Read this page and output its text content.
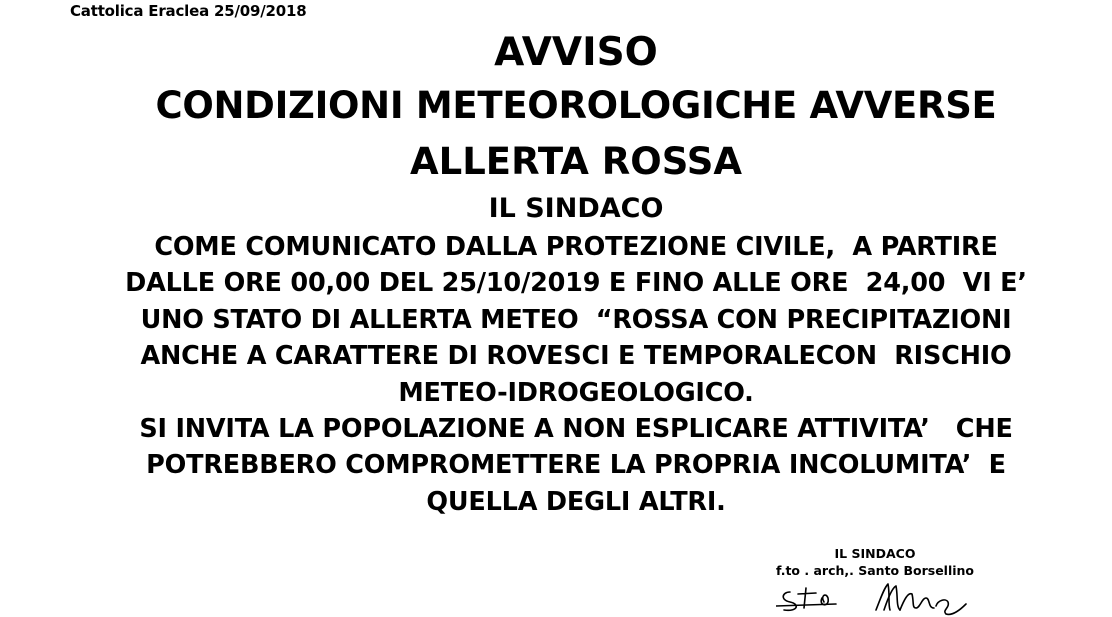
Cattolica Eraclea 25/09/2018
AVVISO
CONDIZIONI METEOROLOGICHE AVVERSE
ALLERTA ROSSA
IL SINDACO
COME COMUNICATO DALLA PROTEZIONE CIVILE,  A PARTIRE
DALLE ORE 00,00 DEL 25/10/2019 E FINO ALLE ORE  24,00  VI E’
UNO STATO DI ALLERTA METEO  “ROSSA CON PRECIPITAZIONI
ANCHE A CARATTERE DI ROVESCI E TEMPORALECON  RISCHIO
METEO-IDROGEOLOGICO.
SI INVITA LA POPOLAZIONE A NON ESPLICARE ATTIVITA’   CHE
POTREBBERO COMPROMETTERE LA PROPRIA INCOLUMITA’  E
QUELLA DEGLI ALTRI.
IL SINDACO
f.to . arch,. Santo Borsellino
